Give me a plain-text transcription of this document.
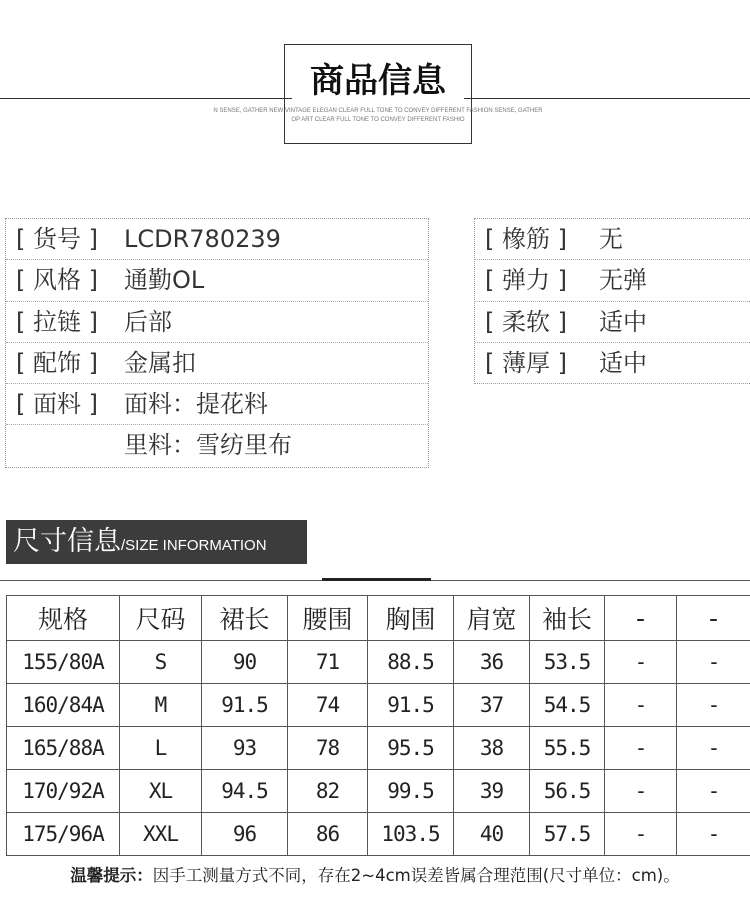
商品信息
N SENSE, GATHER NEW VINTAGE ELEGAN CLEAR FULL TONE TO CONVEY DIFFERENT FASHION SENSE, GATHER
OP ART CLEAR FULL TONE TO CONVEY DIFFERENT FASHIO
[ 货号 ] LCDR780239
[ 风格 ] 通勤OL
[ 拉链 ] 后部
[ 配饰 ] 金属扣
[ 面料 ] 面料：提花料
里料：雪纺里布
[ 橡筋 ] 无
[ 弹力 ] 无弹
[ 柔软 ] 适中
[ 薄厚 ] 适中
尺寸信息/SIZE INFORMATION
规格	尺码	裙长	腰围	胸围	肩宽	袖长	-	-
155/80A	S	90	71	88.5	36	53.5	-	-
160/84A	M	91.5	74	91.5	37	54.5	-	-
165/88A	L	93	78	95.5	38	55.5	-	-
170/92A	XL	94.5	82	99.5	39	56.5	-	-
175/96A	XXL	96	86	103.5	40	57.5	-	-
温馨提示：因手工测量方式不同，存在2~4cm误差皆属合理范围(尺寸单位：cm)。
